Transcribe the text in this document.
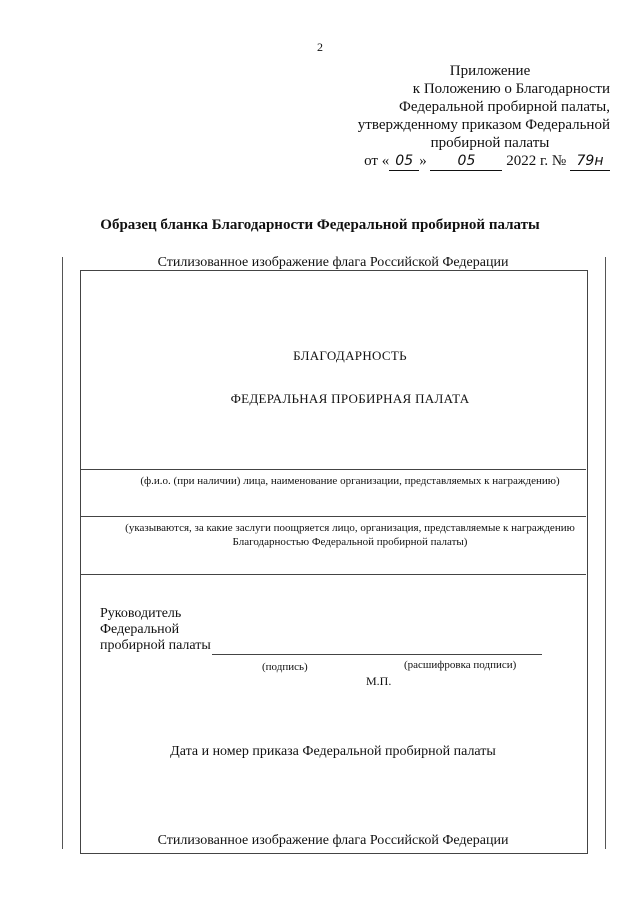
2
Приложение
к Положению о Благодарности
Федеральной пробирной палаты,
утвержденному приказом Федеральной
пробирной палаты
от « 05 » 05 2022 г. № 79н
Образец бланка Благодарности Федеральной пробирной палаты
Стилизованное изображение флага Российской Федерации
БЛАГОДАРНОСТЬ
ФЕДЕРАЛЬНАЯ ПРОБИРНАЯ ПАЛАТА
(ф.и.о. (при наличии) лица, наименование организации, представляемых к награждению)
(указываются, за какие заслуги поощряется лицо, организация, представляемые к награждению
Благодарностью Федеральной пробирной палаты)
Руководитель
Федеральной
пробирной палаты
(подпись)	(расшифровка подписи)
М.П.
Дата и номер приказа Федеральной пробирной палаты
Стилизованное изображение флага Российской Федерации
